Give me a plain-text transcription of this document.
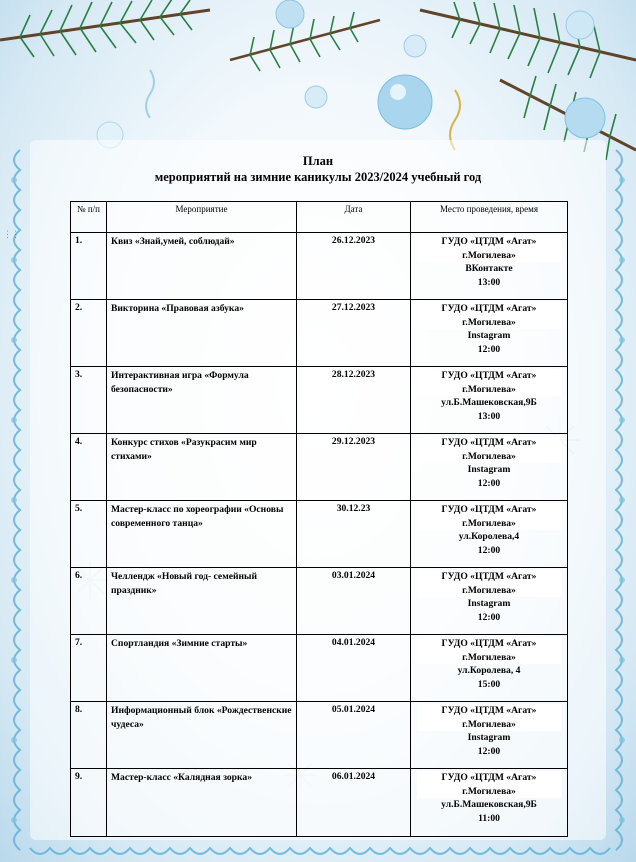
⋮⋮
План
мероприятий на зимние каникулы 2023/2024 учебный год
№ п/п	Мероприятие	Дата	Место проведения, время
1.	Квиз «Знай,умей, соблюдай»	26.12.2023	ГУДО «ЦТДМ «Агат»
г.Могилева»
ВКонтакте
13:00

2.	Викторина «Правовая азбука»	27.12.2023	ГУДО «ЦТДМ «Агат»
г.Могилева»
Instagram
12:00

3.	Интерактивная игра «Формула безопасности»	28.12.2023	ГУДО «ЦТДМ «Агат»
г.Могилева»
ул.Б.Машековская,9Б
13:00

4.	Конкурс стихов «Разукрасим мир стихами»	29.12.2023	ГУДО «ЦТДМ «Агат»
г.Могилева»
Instagram
12:00

5.	Мастер-класс по хореографии «Основы современного танца»	30.12.23	ГУДО «ЦТДМ «Агат»
г.Могилева»
ул.Королева,4
12:00

6.	Челлендж «Новый год- семейный праздник»	03.01.2024	ГУДО «ЦТДМ «Агат»
г.Могилева»
Instagram
12:00

7.	Спортландия «Зимние старты»	04.01.2024	ГУДО «ЦТДМ «Агат»
г.Могилева»
ул.Королева, 4
15:00

8.	Информационный блок «Рождественские чудеса»	05.01.2024	ГУДО «ЦТДМ «Агат»
г.Могилева»
Instagram
12:00

9.	Мастер-класс «Калядная зорка»	06.01.2024	ГУДО «ЦТДМ «Агат»
г.Могилева»
ул.Б.Машековская,9Б
11:00
